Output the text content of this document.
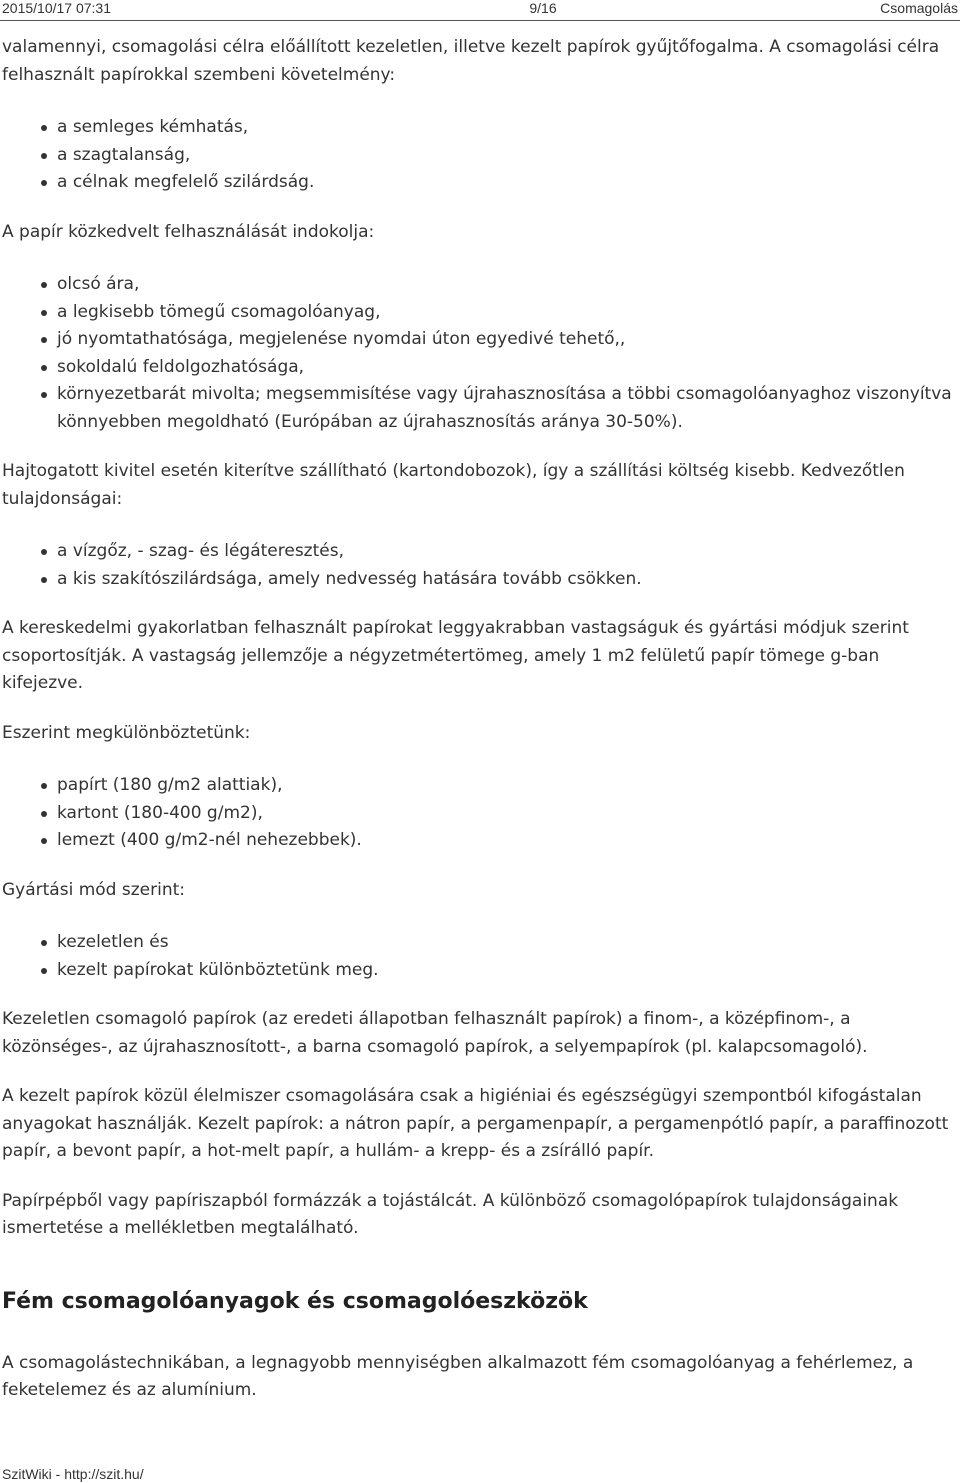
2015/10/17 07:31	9/16	Csomagolás

valamennyi, csomagolási célra előállított kezeletlen, illetve kezelt papírok gyűjtőfogalma. A csomagolási célra felhasznált papírokkal szembeni követelmény:

a semleges kémhatás,
a szagtalanság,
a célnak megfelelő szilárdság.

A papír közkedvelt felhasználását indokolja:

olcsó ára,
a legkisebb tömegű csomagolóanyag,
jó nyomtathatósága, megjelenése nyomdai úton egyedivé tehető,,
sokoldalú feldolgozhatósága,
környezetbarát mivolta; megsemmisítése vagy újrahasznosítása a többi csomagolóanyaghoz viszonyítva könnyebben megoldható (Európában az újrahasznosítás aránya 30-50%).

Hajtogatott kivitel esetén kiterítve szállítható (kartondobozok), így a szállítási költség kisebb. Kedvezőtlen tulajdonságai:

a vízgőz, - szag- és légáteresztés,
a kis szakítószilárdsága, amely nedvesség hatására tovább csökken.

A kereskedelmi gyakorlatban felhasznált papírokat leggyakrabban vastagságuk és gyártási módjuk szerint csoportosítják. A vastagság jellemzője a négyzetmétertömeg, amely 1 m2 felületű papír tömege g-ban kifejezve.

Eszerint megkülönböztetünk:

papírt (180 g/m2 alattiak),
kartont (180-400 g/m2),
lemezt (400 g/m2-nél nehezebbek).

Gyártási mód szerint:

kezeletlen és
kezelt papírokat különböztetünk meg.

Kezeletlen csomagoló papírok (az eredeti állapotban felhasznált papírok) a finom-, a középfinom-, a közönséges-, az újrahasznosított-, a barna csomagoló papírok, a selyempapírok (pl. kalapcsomagoló).

A kezelt papírok közül élelmiszer csomagolására csak a higiéniai és egészségügyi szempontból kifogástalan anyagokat használják. Kezelt papírok: a nátron papír, a pergamenpapír, a pergamenpótló papír, a paraffinozott papír, a bevont papír, a hot-melt papír, a hullám- a krepp- és a zsírálló papír.

Papírpépből vagy papíriszapból formázzák a tojástálcát. A különböző csomagolópapírok tulajdonságainak ismertetése a mellékletben megtalálható.

Fém csomagolóanyagok és csomagolóeszközök

A csomagolástechnikában, a legnagyobb mennyiségben alkalmazott fém csomagolóanyag a fehérlemez, a feketelemez és az alumínium.

SzitWiki - http://szit.hu/
